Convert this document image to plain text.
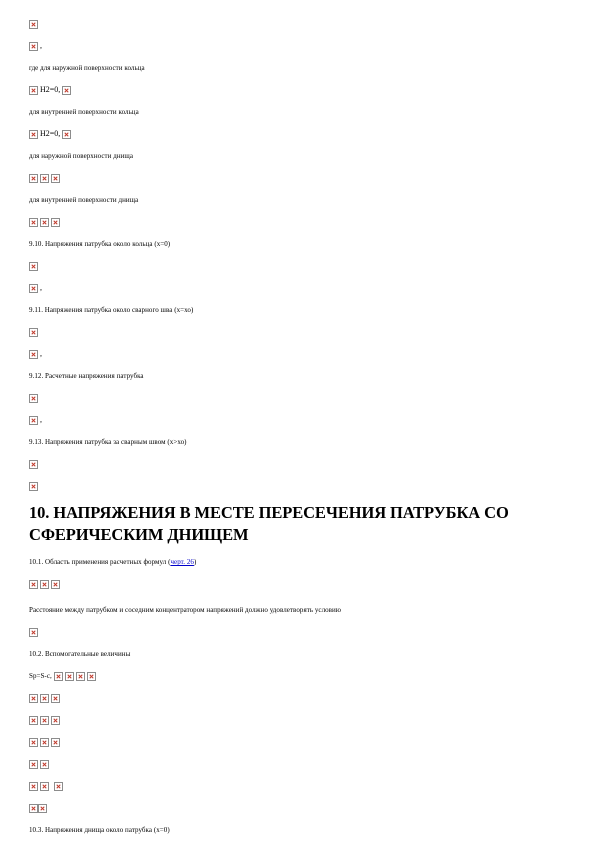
,
где для наружной поверхности кольца
H2=0,
для внутренней поверхности кольца
H2=0,
для наружной поверхности днища
для внутренней поверхности днища
9.10. Напряжения патрубка около кольца (х=0)
,
9.11. Напряжения патрубка около сварного шва (х=хо)
,
9.12. Расчетные напряжения патрубка
,
9.13. Напряжения патрубка за сварным швом (х>хо)
10. НАПРЯЖЕНИЯ В МЕСТЕ ПЕРЕСЕЧЕНИЯ ПАТРУБКА СО
СФЕРИЧЕСКИМ ДНИЩЕМ
10.1. Область применения расчетных формул ( черт. 26 )
Расстояние между патрубком и соседним концентратором напряжений должно удовлетворять условию
10.2. Вспомогательные величины
Sp=S-c,
10.3. Напряжения днища около патрубка (х=0)
